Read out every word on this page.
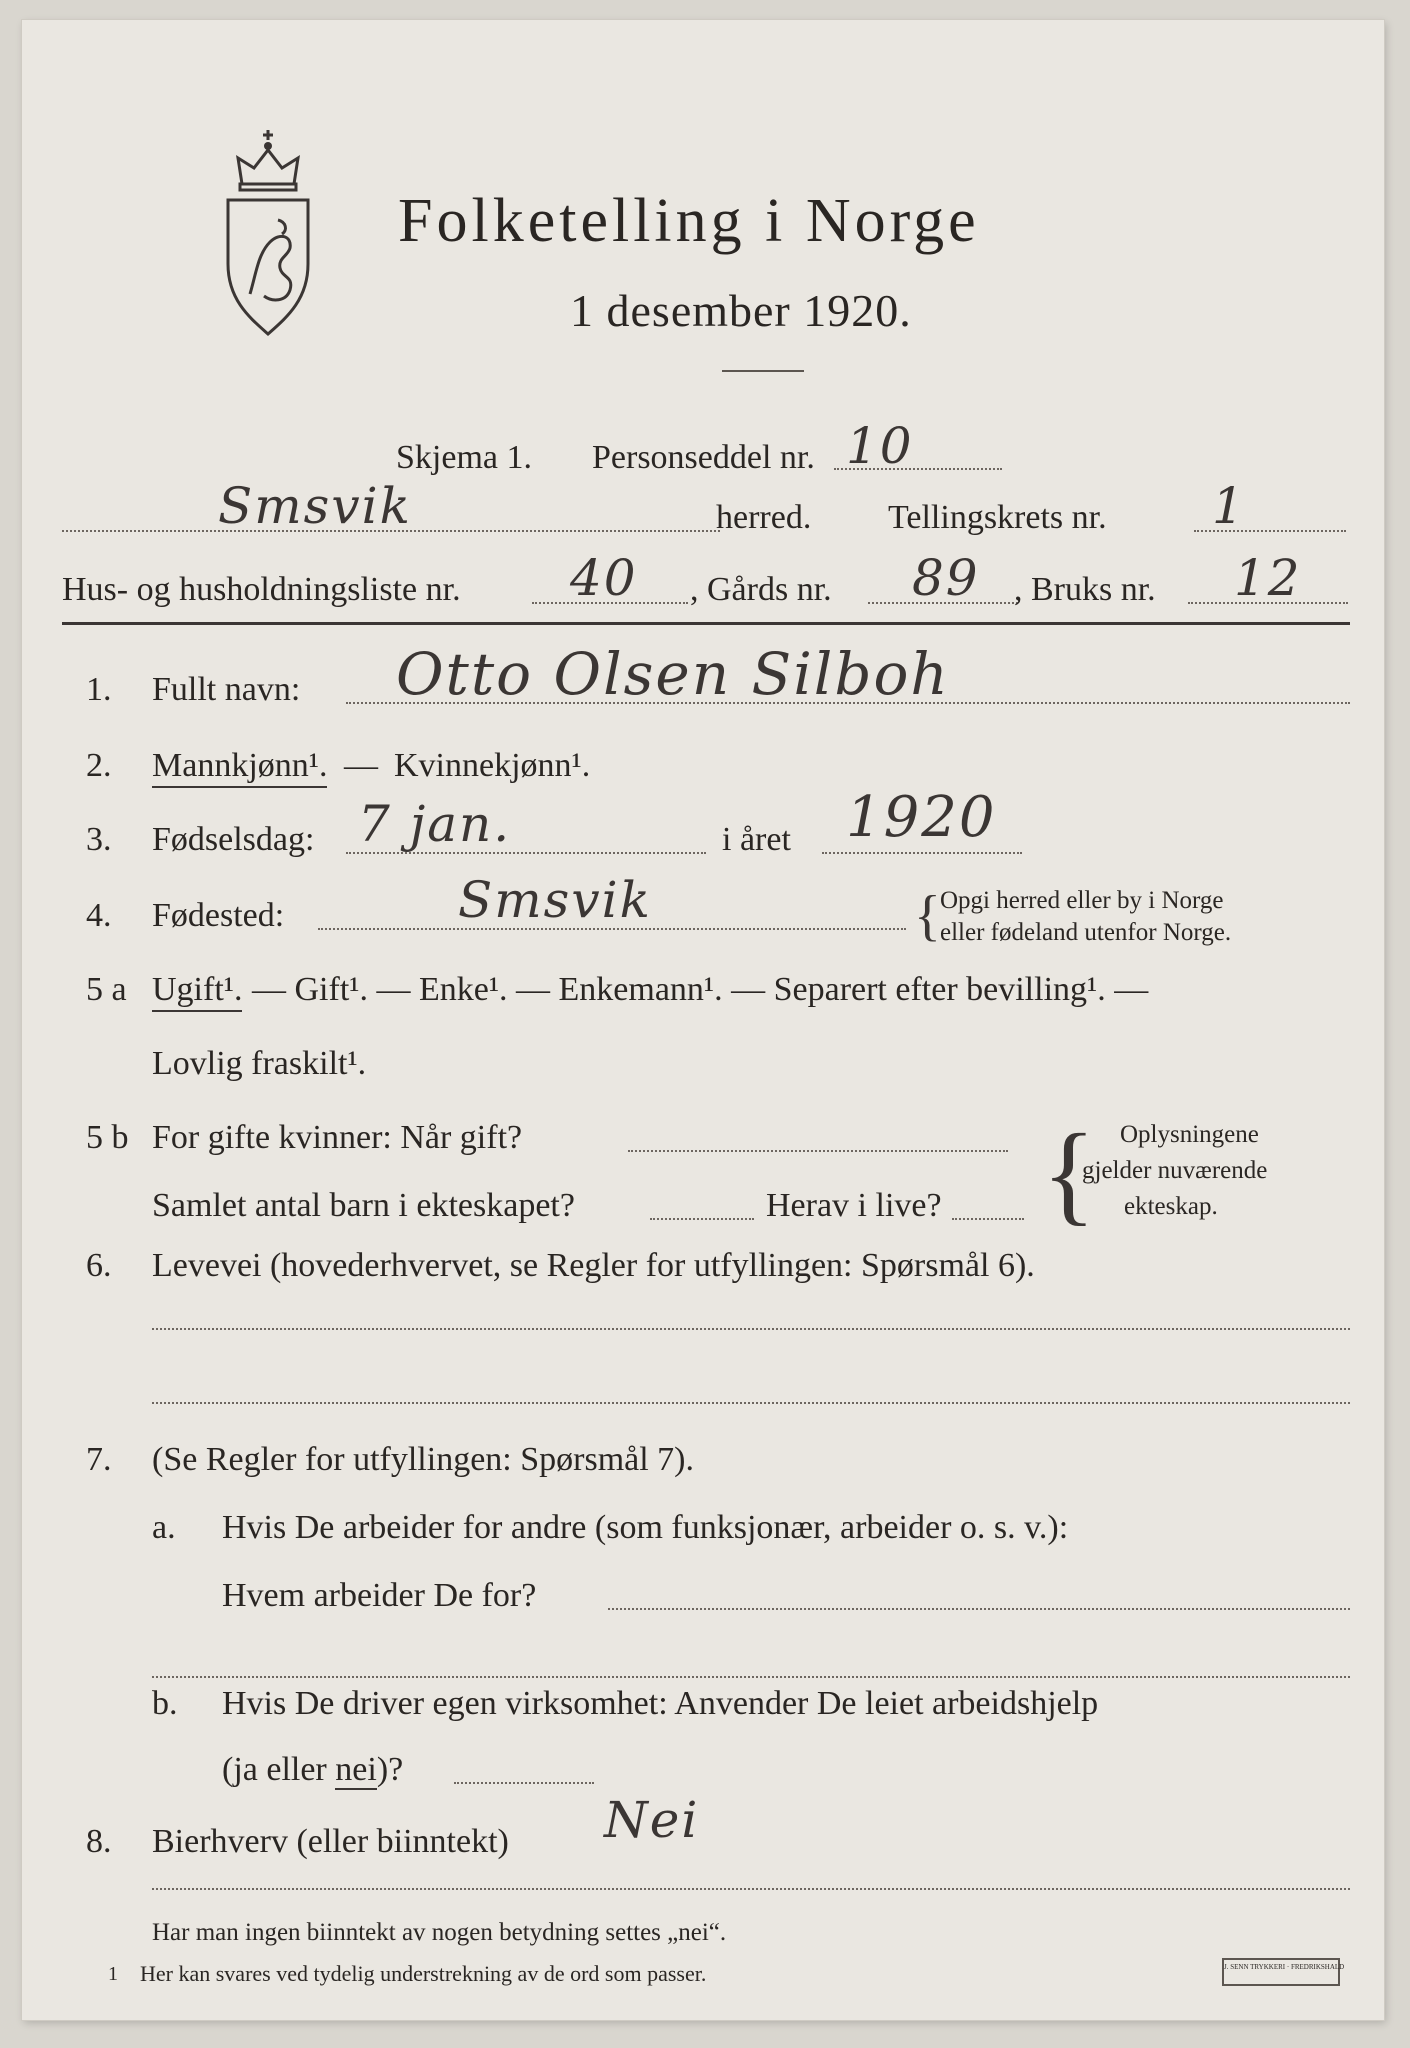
Folketelling i Norge
1 desember 1920.
Skjema 1. Personseddel nr. 10
Smsvik	herred. Tellingskrets nr. 1
Hus- og husholdningsliste nr. 40 , Gårds nr. 89 , Bruks nr. 12
1. Fullt navn: Otto Olsen Silboh
2. Mannkjønn¹. — Kvinnekjønn¹.
3. Fødselsdag: 7 jan.	i året 1920
4. Fødested:	Smsvik	{ Opgi herred eller by i Norge
eller fødeland utenfor Norge.
5 a Ugift¹. — Gift¹. — Enke¹. — Enkemann¹. — Separert efter bevilling¹. —
Lovlig fraskilt¹.
5 b For gifte kvinner: Når gift?
Samlet antal barn i ekteskapet?	Herav i live? { Oplysningene
gjelder nuværende
ekteskap.
6. Levevei (hovederhvervet, se Regler for utfyllingen: Spørsmål 6).
7. (Se Regler for utfyllingen: Spørsmål 7).
a. Hvis De arbeider for andre (som funksjonær, arbeider o. s. v.):
Hvem arbeider De for?
b. Hvis De driver egen virksomhet: Anvender De leiet arbeidshjelp
(ja eller nei)?
8. Bierhverv (eller biinntekt) Nei
Har man ingen biinntekt av nogen betydning settes „nei“.
1 Her kan svares ved tydelig understrekning av de ord som passer.	J. SENN TRYKKERI · FREDRIKSHALD
